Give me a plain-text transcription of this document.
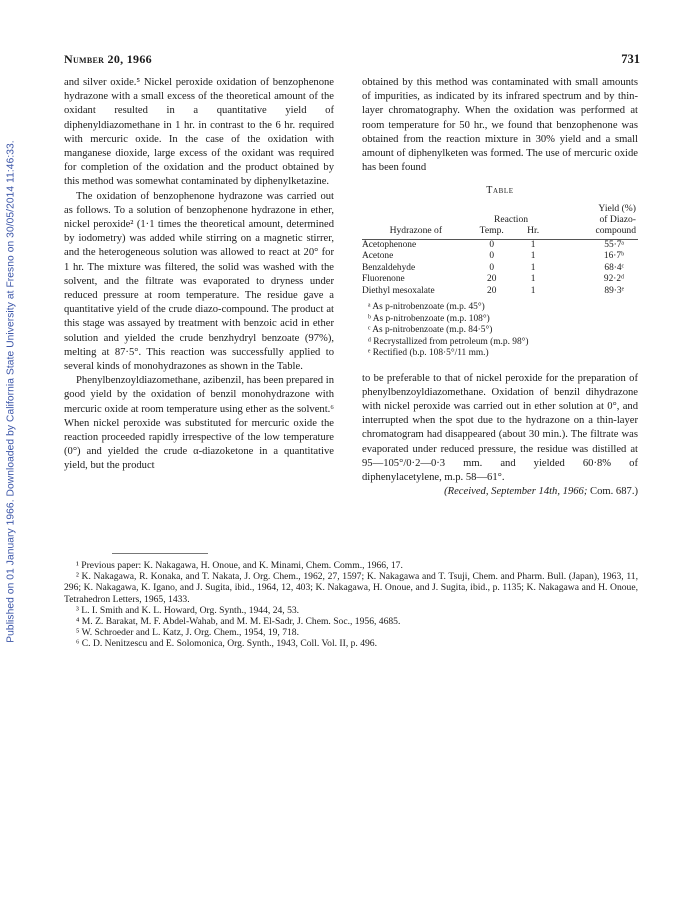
Published on 01 January 1966. Downloaded by California State University at Fresno on 30/05/2014 11:46:33.
Number 20, 1966	731

and silver oxide.⁵ Nickel peroxide oxidation of benzophenone hydrazone with a small excess of the theoretical amount of the oxidant resulted in a quantitative yield of diphenyldiazomethane in 1 hr. in contrast to the 6 hr. required with mercuric oxide. In the case of the oxidation with manganese dioxide, large excess of the oxidant was required for completion of the oxidation and the product obtained by this method was somewhat contaminated by diphenylketazine.

The oxidation of benzophenone hydrazone was carried out as follows. To a solution of benzophenone hydrazone in ether, nickel peroxide² (1·1 times the theoretical amount, determined by iodometry) was added while stirring on a magnetic stirrer, and the heterogeneous solution was allowed to react at 20° for 1 hr. The mixture was filtered, the solid was washed with the solvent, and the filtrate was evaporated to dryness under reduced pressure at room temperature. The residue gave a quantitative yield of the crude diazo-compound. The product at this stage was assayed by treatment with benzoic acid in ether solution and yielded the crude benzhydryl benzoate (97%), melting at 87·5°. This reaction was successfully applied to several kinds of monohydrazones as shown in the Table.

Phenylbenzoyldiazomethane, azibenzil, has been prepared in good yield by the oxidation of benzil monohydrazone with mercuric oxide at room temperature using ether as the solvent.⁶ When nickel peroxide was substituted for mercuric oxide the reaction proceeded rapidly irrespective of the low temperature (0°) and yielded the crude α-diazoketone in a quantitative yield, but the product

obtained by this method was contaminated with small amounts of impurities, as indicated by its infrared spectrum and by thin-layer chromatography. When the oxidation was performed at room temperature for 50 hr., we found that benzophenone was obtained from the reaction mixture in 30% yield and a small amount of diphenylketen was formed. The use of mercuric oxide has been found

Table
			Yield (%)
	Reaction		of Diazo-
Hydrazone of	Temp.	Hr.	compound

Acetophenone	0	1	55·7ᵃ
Acetone	0	1	16·7ᵇ
Benzaldehyde	0	1	68·4ᶜ
Fluorenone	20	1	92·2ᵈ
Diethyl mesoxalate	20	1	89·3ᵉ
ᵃ As p-nitrobenzoate (m.p. 45°)
ᵇ As p-nitrobenzoate (m.p. 108°)
ᶜ As p-nitrobenzoate (m.p. 84·5°)
ᵈ Recrystallized from petroleum (m.p. 98°)
ᵉ Rectified (b.p. 108·5°/11 mm.)

to be preferable to that of nickel peroxide for the preparation of phenylbenzoyldiazomethane. Oxidation of benzil dihydrazone with nickel peroxide was carried out in ether solution at 0°, and interrupted when the spot due to the hydrazone on a thin-layer chromatogram had disappeared (about 30 min.). The filtrate was evaporated under reduced pressure, the residue was distilled at 95—105°/0·2—0·3 mm. and yielded 60·8% of diphenylacetylene, m.p. 58—61°.

(Received, September 14th, 1966; Com. 687.)

¹ Previous paper: K. Nakagawa, H. Onoue, and K. Minami, Chem. Comm., 1966, 17.
² K. Nakagawa, R. Konaka, and T. Nakata, J. Org. Chem., 1962, 27, 1597; K. Nakagawa and T. Tsuji, Chem. and Pharm. Bull. (Japan), 1963, 11, 296; K. Nakagawa, K. Igano, and J. Sugita, ibid., 1964, 12, 403; K. Nakagawa, H. Onoue, and J. Sugita, ibid., p. 1135; K. Nakagawa and H. Onoue, Tetrahedron Letters, 1965, 1433.
³ L. I. Smith and K. L. Howard, Org. Synth., 1944, 24, 53.
⁴ M. Z. Barakat, M. F. Abdel-Wahab, and M. M. El-Sadr, J. Chem. Soc., 1956, 4685.
⁵ W. Schroeder and L. Katz, J. Org. Chem., 1954, 19, 718.
⁶ C. D. Nenitzescu and E. Solomonica, Org. Synth., 1943, Coll. Vol. II, p. 496.
